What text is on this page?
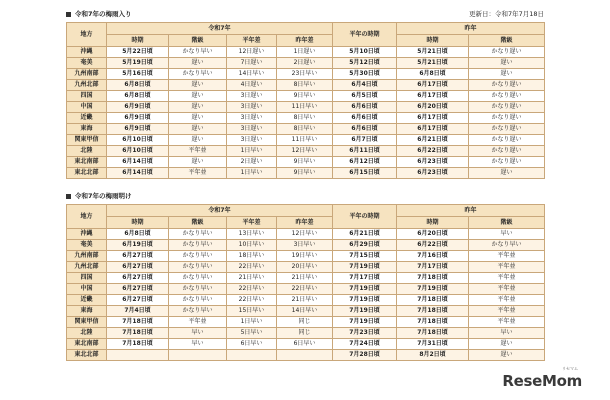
令和7年の梅雨入り	更新日：令和7年7月18日
地方	令和7年				平年の時期	昨年	
	時期	階級	平年差	昨年差		時期	階級
沖縄	5月22日頃	かなり早い	12日遅い	1日遅い	5月10日頃	5月21日頃	かなり遅い
奄美	5月19日頃	遅い	7日遅い	2日遅い	5月12日頃	5月21日頃	遅い
九州南部	5月16日頃	かなり早い	14日早い	23日早い	5月30日頃	6月8日頃	遅い
九州北部	6月8日頃	遅い	4日遅い	8日早い	6月4日頃	6月17日頃	かなり遅い
四国	6月8日頃	遅い	3日遅い	9日早い	6月5日頃	6月17日頃	かなり遅い
中国	6月9日頃	遅い	3日遅い	11日早い	6月6日頃	6月20日頃	かなり遅い
近畿	6月9日頃	遅い	3日遅い	8日早い	6月6日頃	6月17日頃	かなり遅い
東海	6月9日頃	遅い	3日遅い	8日早い	6月6日頃	6月17日頃	かなり遅い
関東甲信	6月10日頃	遅い	3日遅い	11日早い	6月7日頃	6月21日頃	かなり遅い
北陸	6月10日頃	平年並	1日早い	12日早い	6月11日頃	6月22日頃	かなり遅い
東北南部	6月14日頃	遅い	2日遅い	9日早い	6月12日頃	6月23日頃	かなり遅い
東北北部	6月14日頃	平年並	1日早い	9日早い	6月15日頃	6月23日頃	遅い
令和7年の梅雨明け
地方	令和7年				平年の時期	昨年	
	時期	階級	平年差	昨年差		時期	階級
沖縄	6月8日頃	かなり早い	13日早い	12日早い	6月21日頃	6月20日頃	早い
奄美	6月19日頃	かなり早い	10日早い	3日早い	6月29日頃	6月22日頃	かなり早い
九州南部	6月27日頃	かなり早い	18日早い	19日早い	7月15日頃	7月16日頃	平年並
九州北部	6月27日頃	かなり早い	22日早い	20日早い	7月19日頃	7月17日頃	平年並
四国	6月27日頃	かなり早い	21日早い	21日早い	7月17日頃	7月18日頃	平年並
中国	6月27日頃	かなり早い	22日早い	22日早い	7月19日頃	7月19日頃	平年並
近畿	6月27日頃	かなり早い	22日早い	21日早い	7月19日頃	7月18日頃	平年並
東海	7月4日頃	かなり早い	15日早い	14日早い	7月19日頃	7月18日頃	平年並
関東甲信	7月18日頃	平年並	1日早い	同じ	7月19日頃	7月18日頃	平年並
北陸	7月18日頃	早い	5日早い	同じ	7月23日頃	7月18日頃	早い
東北南部	7月18日頃	早い	6日早い	6日早い	7月24日頃	7月31日頃	遅い
東北北部					7月28日頃	8月2日頃	遅い
リセマム
ReseMom
